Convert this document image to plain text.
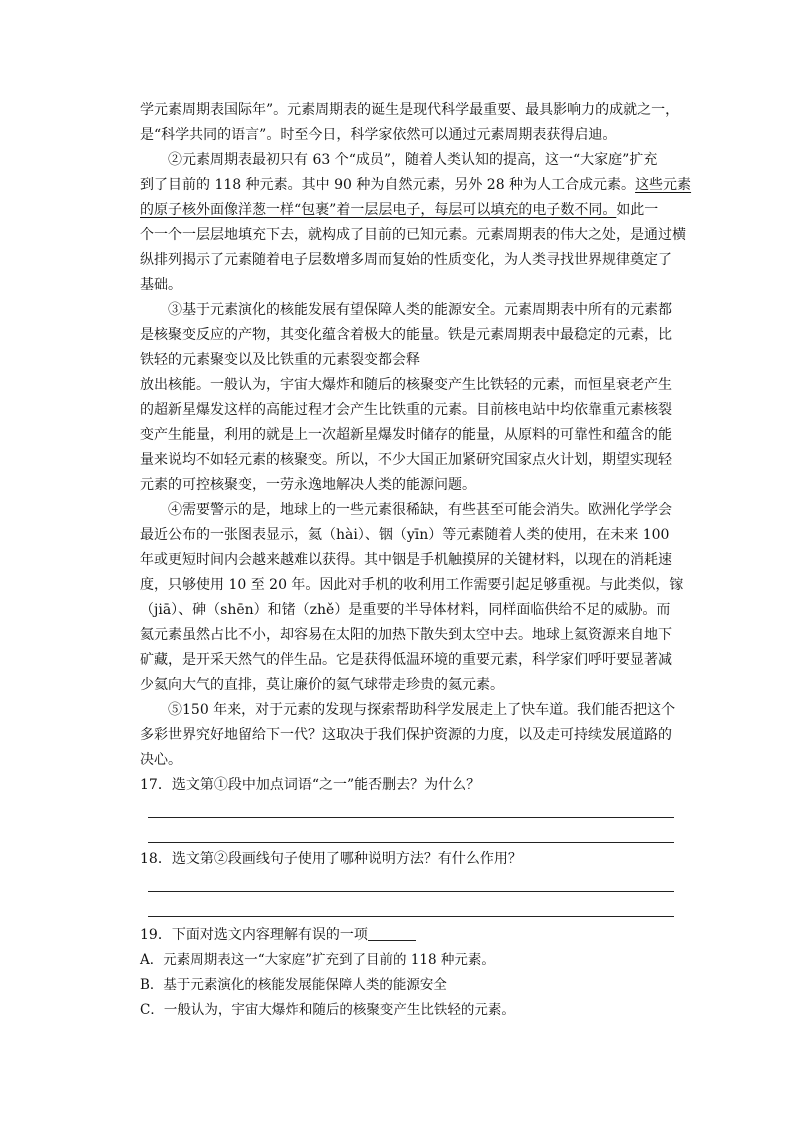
学元素周期表国际年”。元素周期表的诞生是现代科学最重要、最具影响力的成就之一，
是“科学共同的语言”。时至今日，科学家依然可以通过元素周期表获得启迪。
②元素周期表最初只有 63 个“成员”，随着人类认知的提高，这一“大家庭”扩充
到了目前的 118 种元素。其中 90 种为自然元素，另外 28 种为人工合成元素。这些元素
的原子核外面像洋葱一样“包裹”着一层层电子，每层可以填充的电子数不同。如此一
个一个一层层地填充下去，就构成了目前的已知元素。元素周期表的伟大之处，是通过横
纵排列揭示了元素随着电子层数增多周而复始的性质变化，为人类寻找世界规律奠定了
基础。
③基于元素演化的核能发展有望保障人类的能源安全。元素周期表中所有的元素都
是核聚变反应的产物，其变化蕴含着极大的能量。铁是元素周期表中最稳定的元素，比
铁轻的元素聚变以及比铁重的元素裂变都会释
放出核能。一般认为，宇宙大爆炸和随后的核聚变产生比铁轻的元素，而恒星衰老产生
的超新星爆发这样的高能过程才会产生比铁重的元素。目前核电站中均依靠重元素核裂
变产生能量，利用的就是上一次超新星爆发时储存的能量，从原料的可靠性和蕴含的能
量来说均不如轻元素的核聚变。所以，不少大国正加紧研究国家点火计划，期望实现轻
元素的可控核聚变，一劳永逸地解决人类的能源问题。
④需要警示的是，地球上的一些元素很稀缺，有些甚至可能会消失。欧洲化学学会
最近公布的一张图表显示，氦（hài）、铟（yīn）等元素随着人类的使用，在未来 100
年或更短时间内会越来越难以获得。其中铟是手机触摸屏的关键材料，以现在的消耗速
度，只够使用 10 至 20 年。因此对手机的收利用工作需要引起足够重视。与此类似，镓
（jiā）、砷（shēn）和锗（zhě）是重要的半导体材料，同样面临供给不足的威胁。而
氦元素虽然占比不小，却容易在太阳的加热下散失到太空中去。地球上氦资源来自地下
矿藏，是开采天然气的伴生品。它是获得低温环境的重要元素，科学家们呼吁要显著减
少氦向大气的直排，莫让廉价的氦气球带走珍贵的氦元素。
⑤150 年来，对于元素的发现与探索帮助科学发展走上了快车道。我们能否把这个
多彩世界究好地留给下一代？这取决于我们保护资源的力度，以及走可持续发展道路的
决心。
17．选文第①段中加点词语“之一”能否删去？为什么？
18．选文第②段画线句子使用了哪种说明方法？有什么作用？
19．下面对选文内容理解有误的一项
A．元素周期表这一“大家庭”扩充到了目前的 118 种元素。
B．基于元素演化的核能发展能保障人类的能源安全
C．一般认为，宇宙大爆炸和随后的核聚变产生比铁轻的元素。
